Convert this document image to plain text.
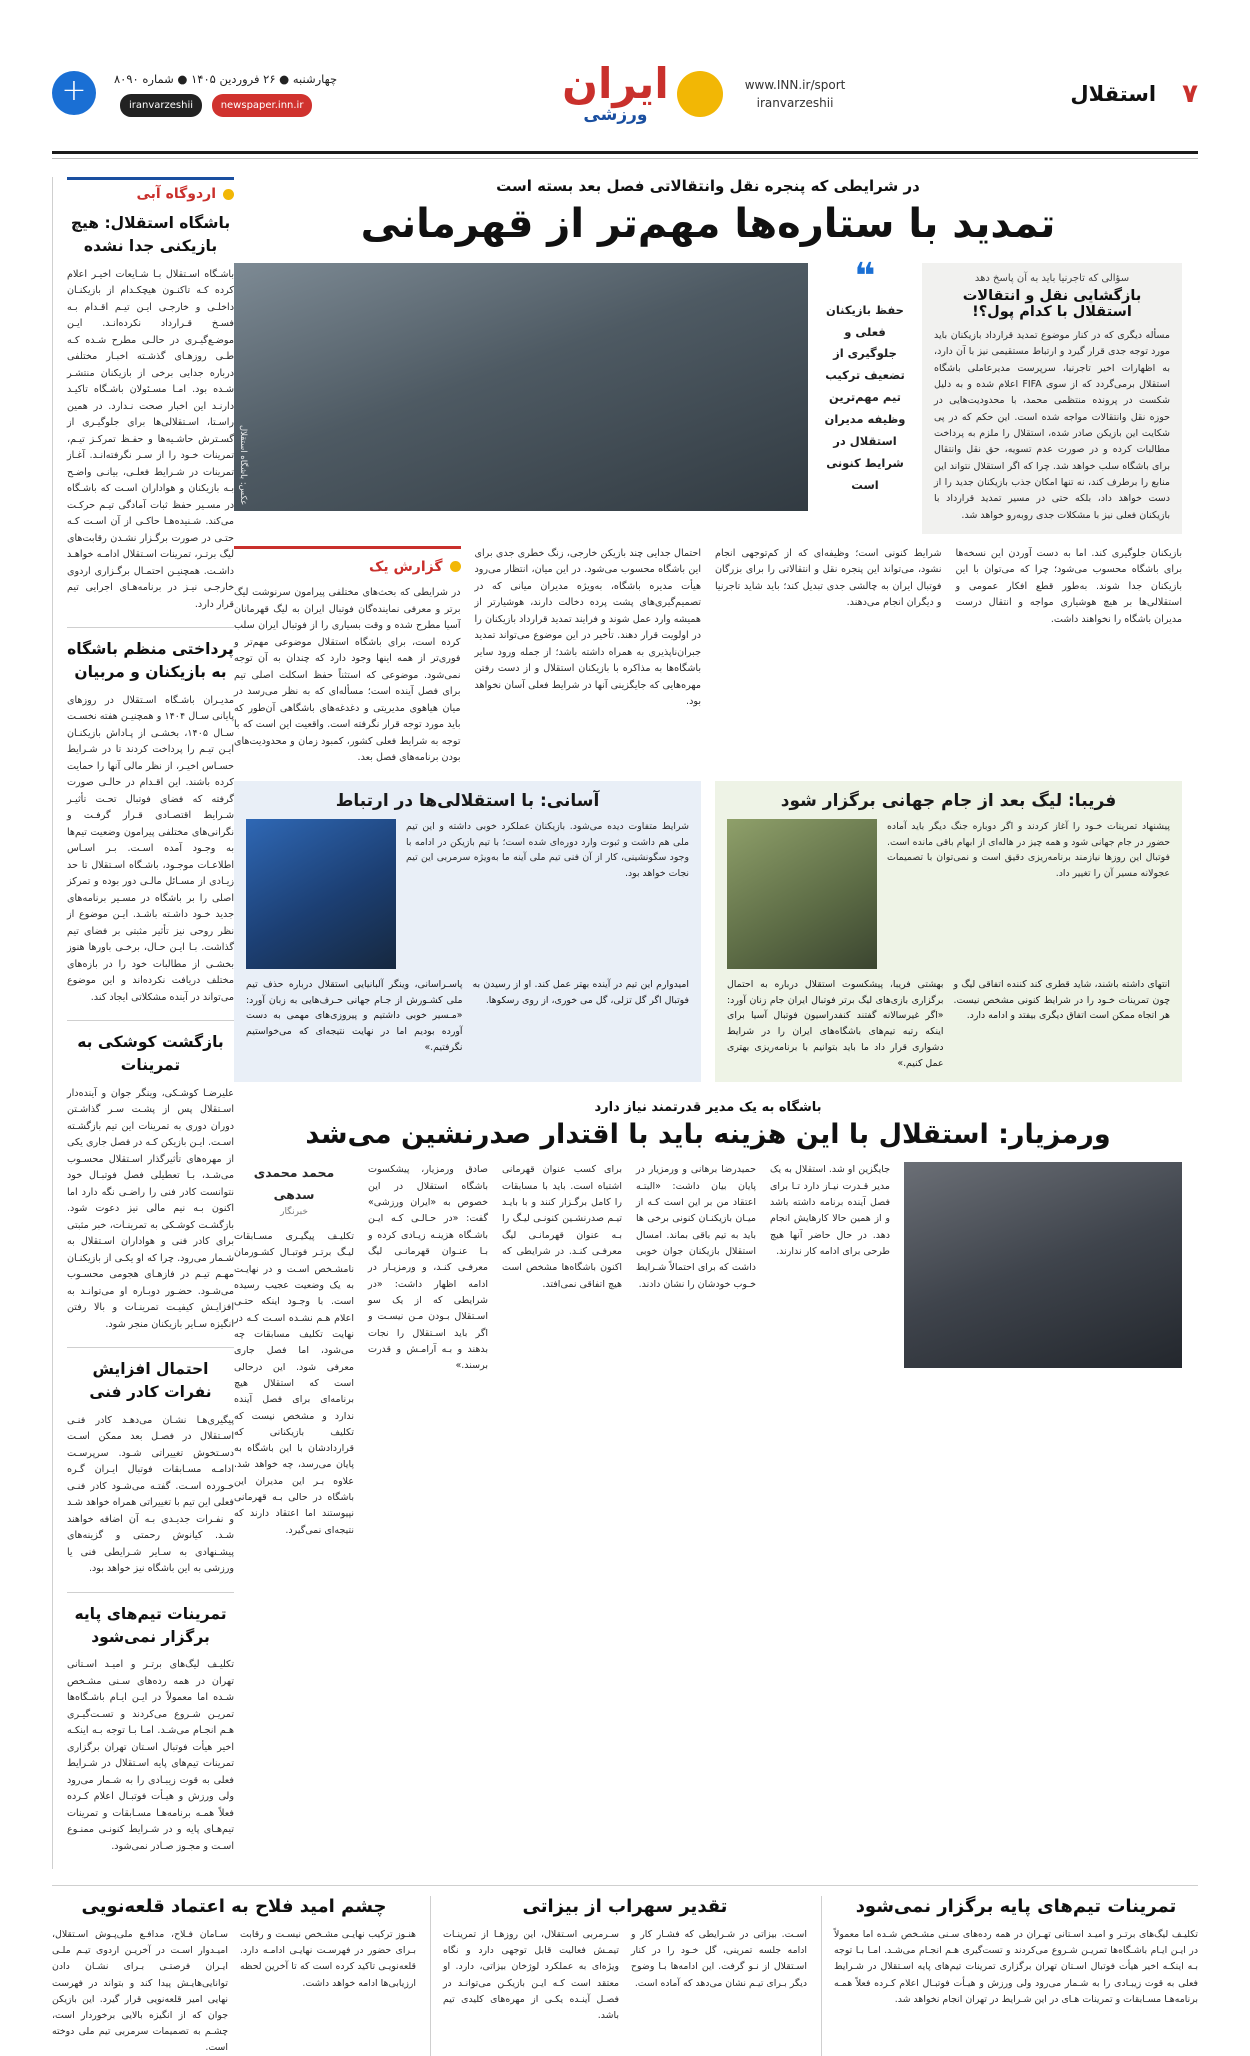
۷
استقلال
www.INN.ir/sport
iranvarzeshii
ایران
ورزشی
چهارشنبه ● ۲۶ فروردین ۱۴۰۵ ● شماره ۸۰۹۰
newspaper.inn.ir iranvarzeshii
+
در شرایطی که پنجره نقل وانتقالاتی فصل بعد بسته است
تمدید با ستاره‌ها مهم‌تر از قهرمانی
سؤالی که تاجرنیا باید به آن پاسخ دهد
بازگشایی نقل و انتقالات استقلال با کدام پول؟!
مسأله دیگری که در کنار موضوع تمدید قرارداد بازیکنان باید مورد توجه جدی قرار گیرد و ارتباط مستقیمی نیز با آن دارد، به اظهارات اخیر تاجرنیا، سرپرست مدیرعاملی باشگاه استقلال برمی‌گردد که از سوی FIFA اعلام شده و به دلیل شکست در پرونده منتظمی محمد، با محدودیت‌هایی در حوزه نقل وانتقالات مواجه شده است. این حکم که در پی شکایت این بازیکن صادر شده، استقلال را ملزم به پرداخت مطالبات کرده و در صورت عدم تسویه، حق نقل وانتقال برای باشگاه سلب خواهد شد. چرا که اگر استقلال نتواند این منابع را برطرف کند، نه تنها امکان جذب بازیکنان جدید را از دست خواهد داد، بلکه حتی در مسیر تمدید قرارداد با بازیکنان فعلی نیز با مشکلات جدی روبه‌رو خواهد شد.
❝
حفظ بازیکنان فعلی و جلوگیری از تضعیف ترکیب تیم مهم‌ترین وظیفه مدیران استقلال در شرایط کنونی است
عکس: باشگاه استقلال
بازیکنان جلوگیری کند. اما به دست آوردن این نسخه‌ها برای باشگاه محسوب می‌شود؛ چرا که می‌توان با این بازیکنان جدا شوند. به‌طور قطع افکار عمومی و استقلالی‌ها بر هیچ هوشیاری مواجه و انتقال درست مدیران باشگاه را نخواهند داشت.
شرایط کنونی است؛ وظیفه‌ای که از کم‌توجهی انجام نشود، می‌تواند این پنجره نقل و انتقالاتی را برای بزرگان فوتبال ایران به چالشی جدی تبدیل کند؛ باید شاید تاجرنیا و دیگران انجام می‌دهند.
احتمال جدایی چند بازیکن خارجی، زنگ خطری جدی برای این باشگاه محسوب می‌شود. در این میان، انتظار می‌رود هیأت مدیره باشگاه، به‌ویژه مدیران میانی که در تصمیم‌گیری‌های پشت پرده دخالت دارند، هوشیارتر از همیشه وارد عمل شوند و فرایند تمدید قرارداد بازیکنان را در اولویت قرار دهند. تأخیر در این موضوع می‌تواند تمدید جبران‌ناپذیری به همراه داشته باشد؛ از جمله ورود سایر باشگاه‌ها به مذاکره با بازیکنان استقلال و از دست رفتن مهره‌هایی که جایگزینی آنها در شرایط فعلی آسان نخواهد بود.
گزارش یک
در شرایطی که بحث‌های مختلفی پیرامون سرنوشت لیگ برتر و معرفی نماینده‌گان فوتبال ایران به لیگ قهرمانان آسیا مطرح شده و وقت بسیاری را از فوتبال ایران سلب کرده است، برای باشگاه استقلال موضوعی مهم‌تر و فوری‌تر از همه اینها وجود دارد که چندان به آن توجه نمی‌شود. موضوعی که استثناً حفظ اسکلت اصلی تیم برای فصل آینده است؛ مسأله‌ای که به نظر می‌رسد در میان هیاهوی مدیریتی و دغدغه‌های باشگاهی آن‌طور که باید مورد توجه قرار نگرفته است. واقعیت این است که با توجه به شرایط فعلی کشور، کمبود زمان و محدودیت‌های بودن برنامه‌های فصل بعد.
فریبا: لیگ بعد از جام جهانی برگزار شود
پیشنهاد تمرینات خـود را آغاز کردند و اگر دوباره جنگ دیگر باید آماده حضور در جام جهانی شود و همه چیز در هاله‌ای از ابهام باقی مانده است. فوتبال این روزها نیازمند برنامه‌ریزی دقیق است و نمی‌توان با تصمیمات عجولانه مسیر آن را تغییر داد.
انتهای داشته باشند، شاید قطری کند کننده اتفاقی لیگ و چون تمرینات خـود را در شرایط کنونی مشخص نیست. هر اتجاه ممکن است اتفاق دیگری بیفتد و ادامه دارد.
بهشتی فریبا، پیشکسوت استقلال درباره به احتمال برگزاری بازی‌های لیگ برتر فوتبال ایران جام زنان آورد: «اگر غیرسالانه گفتند کنفدراسیون فوتبال آسیا برای اینکه رتبه تیم‌های باشگاه‌های ایران را در شرایط دشواری قرار داد ما باید بتوانیم با برنامه‌ریزی بهتری عمل کنیم.»
آسانی: با استقلالی‌ها در ارتباط
شرایط متفاوت دیده می‌شود. بازیکنان عملکرد خوبی داشته و این تیم ملی هم داشت و ثبوت وارد دوره‌ای شده است؛ با تیم بازیکن در ادامه با وجود سگونشینی، کار از آن فنی تیم ملی آینه ما به‌ویژه سرمربی این تیم نجات خواهد بود.
امیدوارم این تیم در آینده بهتر عمل کند. او از رسیدن به فوتبال اگر گل تزلی، گل می خوری، از روی رسکوها.
پاسـراسانی، وینگر آلبانیایی استقلال درباره حذف تیم ملی کشـورش از جـام جهانی حـرف‌هایی به زبان آورد: «مـسیر خوبی داشتیم و پیروزی‌های مهمی به دست آورده بودیم اما در نهایت نتیجه‌ای که می‌خواستیم نگرفتیم.»
باشگاه به یک مدیر قدرتمند نیاز دارد
ورمزیار: استقلال با این هزینه باید با اقتدار صدرنشین می‌شد
جایگزین او شد. استقلال به یک مدیر قـدرت نیـاز دارد تـا برای فصل آینده برنامه داشته باشد و از همین حالا کارهایش انجام دهد. در حال حاضر آنها هیچ طرحی برای ادامه کار ندارند.
حمیدرضا برهانی و ورمزیار در پایان بیان داشت: «البتـه اعتقاد من بر این است کـه از میـان بازیکنـان کنونی برخی ها باید به تیم باقی بماند. امسال استقلال بازیکنان جوان خوبی داشت که برای احتمالاً شـرایط خـوب خودشان را نشان دادند.
برای کسب عنوان قهرمانی اشتباه است. باید با مسابقات را کامل برگـزار کنند و با بایـد تیـم صدرنشـین کنونـی لیـگ را بـه عنوان قهرمانـی لیگ معرفـی کنـد. در شرایطی که اکنون باشگاه‌ها مشخص است هیچ اتفاقی نمی‌افتد.
صادق ورمزیار، پیشکسوت باشگاه استقلال در این خصوص به «ایران ورزشی» گفت: «در حـالـی کـه ایـن باشـگاه هزینـه زیـادی کرده و بـا عنـوان قهرمانـی لیگ معرفـی کنـد، و ورمزیـار در ادامه اظهار داشت: «در شرایطی که از یک سو اسـتقلال بـودن مـن نیسـت و اگر باید اسـتقلال را نجات بدهند و بـه آرامـش و قدرت برسند.»
محمد محمدی سدهی
خبرنگار
تکلیـف پیگیـری مسـابقات لیـگ برتـر فوتبـال کشـورمان نامشـخص اسـت و در نهایـت به یک وضعیت عجیب رسیده است. با وجـود اینکه حتـی اعلام هـم نشـده اسـت کـه در نهایت تکلیف مسابقات چه می‌شود، اما فصل جاری معرفی شود. این درحالی است که استقلال هیچ برنامه‌ای برای فصل آینده ندارد و مشخص نیست که تکلیف بازیکنانی که قراردادشان با این باشگاه به پایان می‌رسد، چه خواهد شد. علاوه بـر این مدیران این باشگاه در حالی بـه قهرمانی نپیوستند اما اعتقاد دارند که نتیجه‌ای نمی‌گیرد.
اردوگاه آبی
باشگاه استقلال: هیچ بازیکنی جدا نشده
باشـگاه اسـتقلال بـا شـایعات اخیـر اعلام کرده کـه تاکنـون هیچکـدام از بازیکنـان داخلـی و خارجـی ایـن تیـم اقـدام بـه فسـخ قـرارداد نکرده‌انـد. ایـن موضـع‌گیـری در حالـی مطرح شـده کـه طـی روزهـای گذشـته اخبـار مختلفی درباره جدایی برخی از بازیکنان منتشـر شـده بود. امـا مسـئولان باشـگاه تاکیـد دارنـد این اخبار صحت نـدارد. در همین راسـتا، اسـتقلالی‌ها برای جلوگیـری از گسـترش حاشـیه‌ها و حفـظ تمرکـز تیـم، تمرینات خـود را از سـر نگرفته‌انـد. آغـاز تمرینات در شـرایط فعلـی، بیانـی واضـح بـه بازیکنان و هواداران اسـت که باشـگاه در مسـیر حفظ ثبات آمادگی تیـم حرکـت می‌کند. شـنیده‌هـا حاکـی از آن اسـت کـه حتـی در صورت برگـزار نشـدن رقابت‌های لیگ برتـر، تمرینات اسـتقلال ادامـه خواهـد داشـت. همچنیـن احتمـال برگـزاری اردوی خارجـی نیـز در برنامه‌هـای اجرایی تیم قرار دارد.
پرداختی منظم باشگاه به بازیکنان و مربیان
مدیـران باشـگاه اسـتقلال در روزهای پایانی سـال ۱۴۰۴ و همچنیـن هفته نخسـت سـال ۱۴۰۵، بخشـی از پـاداش بازیکنـان ایـن تیـم را پرداخت کردند تا در شـرایط حسـاس اخیـر، از نظر مالی آنها را حمایت کرده باشند. این اقـدام در حالـی صورت گرفته که فضای فوتبال تحـت تأثیـر شـرایط اقتصـادی قـرار گرفـت و نگرانی‌های مختلفی پیرامون وضعیت تیم‌ها به وجـود آمده اسـت. بـر اسـاس اطلاعـات موجـود، باشـگاه اسـتقلال تا حد زیـادی از مسـائل مالـی دور بوده و تمرکز اصلی را بر باشگاه در مسـیر برنامه‌های جدید خـود داشـته باشـد. ایـن موضوع از نظر روحی نیز تأثیر مثبتی بر فضای تیم گذاشت. بـا ایـن حـال، برخـی باورها هنوز بخشـی از مطالبات خود را در بازه‌های مختلف دریافت نکرده‌اند و این موضوع می‌تواند در آینده مشکلاتی ایجاد کند.
بازگشت کوشکی به تمرینات
علیرضـا کوشـکی، وینگر جوان و آینده‌دار اسـتقلال پس از پشـت سـر گذاشـتن دوران دوری به تمرینات این تیم بازگشـته اسـت. ایـن بازیکن کـه در فصل جاری یکی از مهره‌های تأثیرگذار اسـتقلال محسـوب می‌شـد، بـا تعطیلی فصل فوتبـال خود نتوانست کادر فنی را راضـی نگه دارد اما اکنون بـه نیم مالی نیز دعوت شود. بازگشـت کوشـکی به تمرینـات، خبر مثبتی برای کادر فنی و هواداران اسـتقلال به شـمار می‌رود. چرا که او یکـی از بازیکنـان مهـم تیـم در فازهـای هجومی محسـوب می‌شـود. حضـور دوبـاره او می‌توانـد به افزایـش کیفیـت تمرینـات و بالا رفتن انگیزه سـایر بازیکنان منجر شود.
احتمال افزایش نفرات کادر فنی
پیگیری‌هـا نشـان می‌دهـد کادر فنـی اسـتقلال در فصـل بعد ممکن اسـت دسـتخوش تغییراتی شـود. سرپرسـت ادامـه مسـابقات فوتبال ایـران گـره خـورده اسـت. گفتـه می‌شـود کادر فنـی فعلی این تیم با تغییراتی همراه خواهد شـد و نفـرات جدیـدی بـه آن اضافه خواهند شـد. کیانوش رحمتی و گزینه‌های پیشـنهادی به سـایر شـرایطی فنی یا ورزشی به این باشگاه نیز خواهد بود.
تمرینات تیم‌های پایه برگزار نمی‌شود
تکلیـف لیگ‌های برتـر و امیـد اسـتانی تهران در همه رده‌های سـنی مشـخص شـده اما معمولاً در ایـن ایـام باشـگاه‌ها تمریـن شـروع می‌کردند و تسـت‌گیـری هـم انجـام می‌شـد. امـا بـا توجه بـه اینکـه اخیر هیأت فوتبال اسـتان تهران برگزاری تمرینات تیم‌های پایه اسـتقلال در شـرایط فعلی به قوت زیبـادی را به شـمار می‌رود ولی ورزش و هیـأت فوتبـال اعلام کـرده فعلاً همـه برنامه‌هـا مسـابقات و تمرینات تیم‌هـای پایه و در شـرایط کنونـی ممنـوع اسـت و مجـوز صـادر نمی‌شود.
تمرینات تیم‌های پایه برگزار نمی‌شود
تکلیـف لیگ‌های برتـر و امیـد اسـتانی تهـران در همه رده‌های سـنی مشـخص شـده اما معمولاً در ایـن ایـام باشـگاه‌ها تمریـن شـروع می‌کردند و تست‌گیری هـم انجـام می‌شـد. امـا بـا توجه بـه اینکـه اخیر هیأت فوتبال اسـتان تهران برگزاری تمرینات تیم‌های پایه اسـتقلال در شـرایط فعلی به قوت زیبـادی را به شـمار می‌رود ولی ورزش و هیـأت فوتبـال اعلام کـرده فعلاً همـه برنامه‌هـا مسـابقات و تمرینات هـای در این شـرایط در تهران انجام نخواهد شد.
تقدیر سهراب از بیزاتی
اسـت. بیزاتی در شـرایطی که فشـار کار و ادامه جلسه تمرینی، گل خـود را در کنار اسـتقلال از نـو گرفت. این ادامه‌ها بـا وضوح دیگر بـرای تیـم نشان می‌دهد که آماده است.
سـرمربی اسـتقلال، این روزهـا از تمرینـات تیمـش فعالیت قابل توجهی دارد و نگاه ویژه‌ای به عملکرد لوژخان بیزاتی، دارد. او معتقد است کـه ایـن بازیکـن می‌توانـد در فصـل آینـده یکـی از مهره‌های کلیدی تیم باشد.
چشم امید فلاح به اعتماد قلعه‌نویی
هنـوز ترکیب نهایـی مشـخص نیسـت و رقابت بـرای حضور در فهرسـت نهایـی ادامـه دارد. قلعه‌نویـی تاکید کرده است که تا آخرین لحظه ارزیابی‌ها ادامه خواهد داشت.
سـامان فـلاح، مدافـع ملی‌پـوش اسـتقلال، امیـدوار اسـت در آخریـن اردوی تیـم ملـی ایـران فرصتـی بـرای نشـان دادن توانایی‌هایـش پیدا کند و بتواند در فهرست نهایی امیر قلعه‌نویی قرار گیرد. این بازیکن جوان که از انگیزه بالایی برخوردار است، چشـم به تصمیمات سرمربی تیم ملی دوخته است.
